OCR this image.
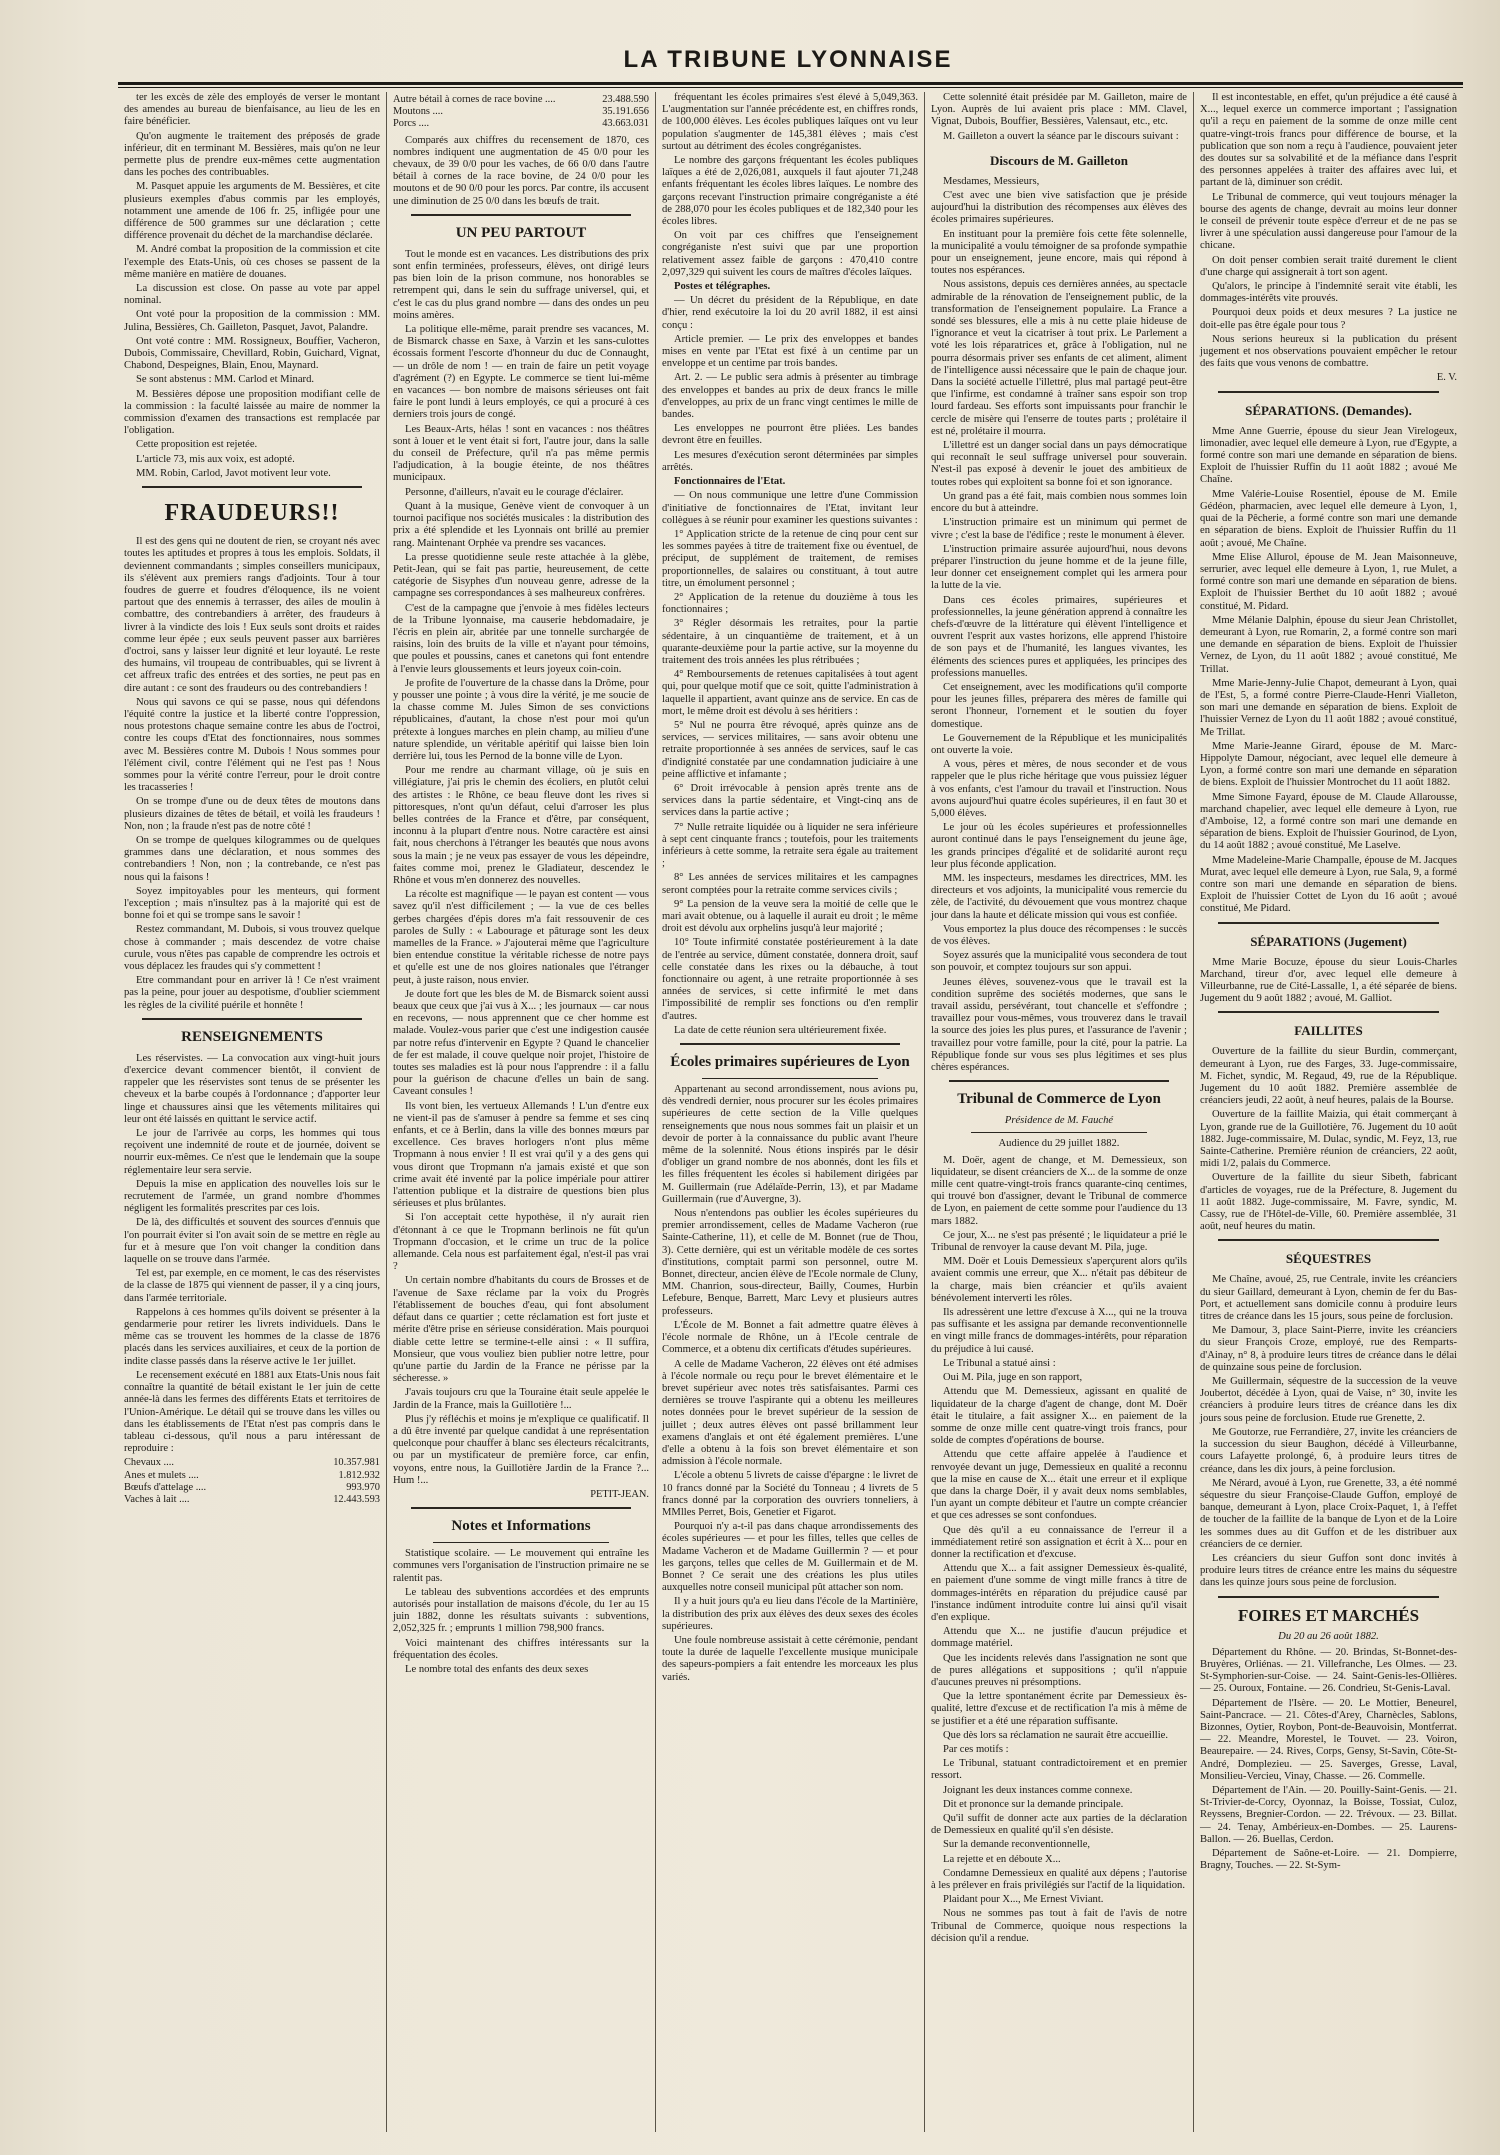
LA TRIBUNE LYONNAISE

ter les excès de zèle des employés de verser le montant des amendes au bureau de bienfaisance, au lieu de les en faire bénéficier.

Qu'on augmente le traitement des préposés de grade inférieur, dit en terminant M. Bessières, mais qu'on ne leur permette plus de prendre eux-mêmes cette augmentation dans les poches des contribuables.

M. Pasquet appuie les arguments de M. Bessières, et cite plusieurs exemples d'abus commis par les employés, notamment une amende de 106 fr. 25, infligée pour une différence de 500 grammes sur une déclaration ; cette différence provenait du déchet de la marchandise déclarée.

M. André combat la proposition de la commission et cite l'exemple des Etats-Unis, où ces choses se passent de la même manière en matière de douanes.

La discussion est close. On passe au vote par appel nominal.

Ont voté pour la proposition de la commission : MM. Julina, Bessières, Ch. Gailleton, Pasquet, Javot, Palandre.

Ont voté contre : MM. Rossigneux, Bouffier, Vacheron, Dubois, Commissaire, Chevillard, Robin, Guichard, Vignat, Chabond, Despeignes, Blain, Enou, Maynard.

Se sont abstenus : MM. Carlod et Minard.

M. Bessières dépose une proposition modifiant celle de la commission : la faculté laissée au maire de nommer la commission d'examen des transactions est remplacée par l'obligation.

Cette proposition est rejetée.

L'article 73, mis aux voix, est adopté.

MM. Robin, Carlod, Javot motivent leur vote.

FRAUDEURS!!

Il est des gens qui ne doutent de rien, se croyant nés avec toutes les aptitudes et propres à tous les emplois. Soldats, il deviennent commandants ; simples conseillers municipaux, ils s'élèvent aux premiers rangs d'adjoints. Tour à tour foudres de guerre et foudres d'éloquence, ils ne voient partout que des ennemis à terrasser, des ailes de moulin à combattre, des contrebandiers à arrêter, des fraudeurs à livrer à la vindicte des lois ! Eux seuls sont droits et raides comme leur épée ; eux seuls peuvent passer aux barrières d'octroi, sans y laisser leur dignité et leur loyauté. Le reste des humains, vil troupeau de contribuables, qui se livrent à cet affreux trafic des entrées et des sorties, ne peut pas en dire autant : ce sont des fraudeurs ou des contrebandiers !

Nous qui savons ce qui se passe, nous qui défendons l'équité contre la justice et la liberté contre l'oppression, nous protestons chaque semaine contre les abus de l'octroi, contre les coups d'Etat des fonctionnaires, nous sommes avec M. Bessières contre M. Dubois ! Nous sommes pour l'élément civil, contre l'élément qui ne l'est pas ! Nous sommes pour la vérité contre l'erreur, pour le droit contre les tracasseries !

On se trompe d'une ou de deux têtes de moutons dans plusieurs dizaines de têtes de bétail, et voilà les fraudeurs ! Non, non ; la fraude n'est pas de notre côté !

On se trompe de quelques kilogrammes ou de quelques grammes dans une déclaration, et nous sommes des contrebandiers ! Non, non ; la contrebande, ce n'est pas nous qui la faisons !

Soyez impitoyables pour les menteurs, qui forment l'exception ; mais n'insultez pas à la majorité qui est de bonne foi et qui se trompe sans le savoir !

Restez commandant, M. Dubois, si vous trouvez quelque chose à commander ; mais descendez de votre chaise curule, vous n'êtes pas capable de comprendre les octrois et vous déplacez les fraudes qui s'y commettent !

Etre commandant pour en arriver là ! Ce n'est vraiment pas la peine, pour jouer au despotisme, d'oublier sciemment les règles de la civilité puérile et honnête !

RENSEIGNEMENTS

Les réservistes. — La convocation aux vingt-huit jours d'exercice devant commencer bientôt, il convient de rappeler que les réservistes sont tenus de se présenter les cheveux et la barbe coupés à l'ordonnance ; d'apporter leur linge et chaussures ainsi que les vêtements militaires qui leur ont été laissés en quittant le service actif.

Le jour de l'arrivée au corps, les hommes qui tous reçoivent une indemnité de route et de journée, doivent se nourrir eux-mêmes. Ce n'est que le lendemain que la soupe réglementaire leur sera servie.

Depuis la mise en application des nouvelles lois sur le recrutement de l'armée, un grand nombre d'hommes négligent les formalités prescrites par ces lois.

De là, des difficultés et souvent des sources d'ennuis que l'on pourrait éviter si l'on avait soin de se mettre en règle au fur et à mesure que l'on voit changer la condition dans laquelle on se trouve dans l'armée.

Tel est, par exemple, en ce moment, le cas des réservistes de la classe de 1875 qui viennent de passer, il y a cinq jours, dans l'armée territoriale.

Rappelons à ces hommes qu'ils doivent se présenter à la gendarmerie pour retirer les livrets individuels. Dans le même cas se trouvent les hommes de la classe de 1876 placés dans les services auxiliaires, et ceux de la portion de indite classe passés dans la réserve active le 1er juillet.

Le recensement exécuté en 1881 aux Etats-Unis nous fait connaître la quantité de bétail existant le 1er juin de cette année-là dans les fermes des différents Etats et territoires de l'Union-Amérique. Le détail qui se trouve dans les villes ou dans les établissements de l'Etat n'est pas compris dans le tableau ci-dessous, qu'il nous a paru intéressant de reproduire :

Chevaux ....	10.357.981
Anes et mulets ....	1.812.932
Bœufs d'attelage ....	993.970
Vaches à lait ....	12.443.593
Autre bétail à cornes de race bovine ....	23.488.590
Moutons ....	35.191.656
Porcs ....	43.663.031

Comparés aux chiffres du recensement de 1870, ces nombres indiquent une augmentation de 45 0/0 pour les chevaux, de 39 0/0 pour les vaches, de 66 0/0 dans l'autre bétail à cornes de la race bovine, de 24 0/0 pour les moutons et de 90 0/0 pour les porcs. Par contre, ils accusent une diminution de 25 0/0 dans les bœufs de trait.

UN PEU PARTOUT

Tout le monde est en vacances. Les distributions des prix sont enfin terminées, professeurs, élèves, ont dirigé leurs pas bien loin de la prison commune, nos honorables se retrempent qui, dans le sein du suffrage universel, qui, et c'est le cas du plus grand nombre — dans des ondes un peu moins amères.

La politique elle-même, parait prendre ses vacances, M. de Bismarck chasse en Saxe, à Varzin et les sans-culottes écossais forment l'escorte d'honneur du duc de Connaught, — un drôle de nom ! — en train de faire un petit voyage d'agrément (?) en Egypte. Le commerce se tient lui-même en vacances — bon nombre de maisons sérieuses ont fait faire le pont lundi à leurs employés, ce qui a procuré à ces derniers trois jours de congé.

Les Beaux-Arts, hélas ! sont en vacances : nos théâtres sont à louer et le vent était si fort, l'autre jour, dans la salle du conseil de Préfecture, qu'il n'a pas même permis l'adjudication, à la bougie éteinte, de nos théâtres municipaux.

Personne, d'ailleurs, n'avait eu le courage d'éclairer.

Quant à la musique, Genève vient de convoquer à un tournoi pacifique nos sociétés musicales : la distribution des prix a été splendide et les Lyonnais ont brillé au premier rang. Maintenant Orphée va prendre ses vacances.

La presse quotidienne seule reste attachée à la glèbe, Petit-Jean, qui se fait pas partie, heureusement, de cette catégorie de Sisyphes d'un nouveau genre, adresse de la campagne ses correspondances à ses malheureux confrères.

C'est de la campagne que j'envoie à mes fidèles lecteurs de la Tribune lyonnaise, ma causerie hebdomadaire, je l'écris en plein air, abritée par une tonnelle surchargée de raisins, loin des bruits de la ville et n'ayant pour témoins, que poules et poussins, canes et canetons qui font entendre à l'envie leurs gloussements et leurs joyeux coin-coin.

Je profite de l'ouverture de la chasse dans la Drôme, pour y pousser une pointe ; à vous dire la vérité, je me soucie de la chasse comme M. Jules Simon de ses convictions républicaines, d'autant, la chose n'est pour moi qu'un prétexte à longues marches en plein champ, au milieu d'une nature splendide, un véritable apéritif qui laisse bien loin derrière lui, tous les Pernod de la bonne ville de Lyon.

Pour me rendre au charmant village, où je suis en villégiature, j'ai pris le chemin des écoliers, en plutôt celui des artistes : le Rhône, ce beau fleuve dont les rives si pittoresques, n'ont qu'un défaut, celui d'arroser les plus belles contrées de la France et d'être, par conséquent, inconnu à la plupart d'entre nous. Notre caractère est ainsi fait, nous cherchons à l'étranger les beautés que nous avons sous la main ; je ne veux pas essayer de vous les dépeindre, faites comme moi, prenez le Gladiateur, descendez le Rhône et vous m'en donnerez des nouvelles.

La récolte est magnifique — le payan est content — vous savez qu'il n'est difficilement ; — la vue de ces belles gerbes chargées d'épis dores m'a fait ressouvenir de ces paroles de Sully : « Labourage et pâturage sont les deux mamelles de la France. » J'ajouterai même que l'agriculture bien entendue constitue la véritable richesse de notre pays et qu'elle est une de nos gloires nationales que l'étranger peut, à juste raison, nous envier.

Je doute fort que les bles de M. de Bismarck soient aussi beaux que ceux que j'ai vus à X... ; les journaux — car nous en recevons, — nous apprennent que ce cher homme est malade. Voulez-vous parier que c'est une indigestion causée par notre refus d'intervenir en Egypte ? Quand le chancelier de fer est malade, il couve quelque noir projet, l'histoire de toutes ses maladies est là pour nous l'apprendre : il a fallu pour la guérison de chacune d'elles un bain de sang. Caveant consules !

Ils vont bien, les vertueux Allemands ! L'un d'entre eux ne vient-il pas de s'amuser à pendre sa femme et ses cinq enfants, et ce à Berlin, dans la ville des bonnes mœurs par excellence. Ces braves horlogers n'ont plus même Tropmann à nous envier ! Il est vrai qu'il y a des gens qui vous diront que Tropmann n'a jamais existé et que son crime avait été inventé par la police impériale pour attirer l'attention publique et la distraire de questions bien plus sérieuses et plus brûlantes.

Si l'on acceptait cette hypothèse, il n'y aurait rien d'étonnant à ce que le Tropmann berlinois ne fût qu'un Tropmann d'occasion, et le crime un truc de la police allemande. Cela nous est parfaitement égal, n'est-il pas vrai ?

Un certain nombre d'habitants du cours de Brosses et de l'avenue de Saxe réclame par la voix du Progrès l'établissement de bouches d'eau, qui font absolument défaut dans ce quartier ; cette réclamation est fort juste et mérite d'être prise en sérieuse considération. Mais pourquoi diable cette lettre se termine-t-elle ainsi : « Il suffira, Monsieur, que vous vouliez bien publier notre lettre, pour qu'une partie du Jardin de la France ne périsse par la sécheresse. »

J'avais toujours cru que la Touraine était seule appelée le Jardin de la France, mais la Guillotière !...

Plus j'y réfléchis et moins je m'explique ce qualificatif. Il a dû être inventé par quelque candidat à une représentation quelconque pour chauffer à blanc ses électeurs récalcitrants, ou par un mystificateur de première force, car enfin, voyons, entre nous, la Guillotière Jardin de la France ?... Hum !...

PETIT-JEAN.
Notes et Informations

Statistique scolaire. — Le mouvement qui entraîne les communes vers l'organisation de l'instruction primaire ne se ralentit pas.

Le tableau des subventions accordées et des emprunts autorisés pour installation de maisons d'école, du 1er au 15 juin 1882, donne les résultats suivants : subventions, 2,052,325 fr. ; emprunts 1 million 798,900 francs.

Voici maintenant des chiffres intéressants sur la fréquentation des écoles.

Le nombre total des enfants des deux sexes

fréquentant les écoles primaires s'est élevé à 5,049,363. L'augmentation sur l'année précédente est, en chiffres ronds, de 100,000 élèves. Les écoles publiques laïques ont vu leur population s'augmenter de 145,381 élèves ; mais c'est surtout au détriment des écoles congréganistes.

Le nombre des garçons fréquentant les écoles publiques laïques a été de 2,026,081, auxquels il faut ajouter 71,248 enfants fréquentant les écoles libres laïques. Le nombre des garçons recevant l'instruction primaire congréganiste a été de 288,070 pour les écoles publiques et de 182,340 pour les écoles libres.

On voit par ces chiffres que l'enseignement congréganiste n'est suivi que par une proportion relativement assez faible de garçons : 470,410 contre 2,097,329 qui suivent les cours de maîtres d'écoles laïques.

Postes et télégraphes.

— Un décret du président de la République, en date d'hier, rend exécutoire la loi du 20 avril 1882, il est ainsi conçu :

Article premier. — Le prix des enveloppes et bandes mises en vente par l'Etat est fixé à un centime par un enveloppe et un centime par trois bandes.

Art. 2. — Le public sera admis à présenter au timbrage des enveloppes et bandes au prix de deux francs le mille d'enveloppes, au prix de un franc vingt centimes le mille de bandes.

Les enveloppes ne pourront être pliées. Les bandes devront être en feuilles.

Les mesures d'exécution seront déterminées par simples arrêtés.

Fonctionnaires de l'Etat.

— On nous communique une lettre d'une Commission d'initiative de fonctionnaires de l'Etat, invitant leur collègues à se réunir pour examiner les questions suivantes :

1° Application stricte de la retenue de cinq pour cent sur les sommes payées à titre de traitement fixe ou éventuel, de préciput, de supplément de traitement, de remises proportionnelles, de salaires ou constituant, à tout autre titre, un émolument personnel ;

2° Application de la retenue du douzième à tous les fonctionnaires ;

3° Régler désormais les retraites, pour la partie sédentaire, à un cinquantième de traitement, et à un quarante-deuxième pour la partie active, sur la moyenne du traitement des trois années les plus rétribuées ;

4° Remboursements de retenues capitalisées à tout agent qui, pour quelque motif que ce soit, quitte l'administration à laquelle il appartient, avant quinze ans de service. En cas de mort, le même droit est dévolu à ses héritiers :

5° Nul ne pourra être révoqué, après quinze ans de services, — services militaires, — sans avoir obtenu une retraite proportionnée à ses années de services, sauf le cas d'indignité constatée par une condamnation judiciaire à une peine afflictive et infamante ;

6° Droit irrévocable à pension après trente ans de services dans la partie sédentaire, et Vingt-cinq ans de services dans la partie active ;

7° Nulle retraite liquidée ou à liquider ne sera inférieure à sept cent cinquante francs ; toutefois, pour les traitements inférieurs à cette somme, la retraite sera égale au traitement ;

8° Les années de services militaires et les campagnes seront comptées pour la retraite comme services civils ;

9° La pension de la veuve sera la moitié de celle que le mari avait obtenue, ou à laquelle il aurait eu droit ; le même droit est dévolu aux orphelins jusqu'à leur majorité ;

10° Toute infirmité constatée postérieurement à la date de l'entrée au service, dûment constatée, donnera droit, sauf celle constatée dans les rixes ou la débauche, à tout fonctionnaire ou agent, à une retraite proportionnée à ses années de services, si cette infirmité le met dans l'impossibilité de remplir ses fonctions ou d'en remplir d'autres.

La date de cette réunion sera ultérieurement fixée.

Écoles primaires supérieures de Lyon

Appartenant au second arrondissement, nous avions pu, dès vendredi dernier, nous procurer sur les écoles primaires supérieures de cette section de la Ville quelques renseignements que nous nous sommes fait un plaisir et un devoir de porter à la connaissance du public avant l'heure même de la solennité. Nous étions inspirés par le désir d'obliger un grand nombre de nos abonnés, dont les fils et les filles fréquentent les écoles si habilement dirigées par M. Guillermain (rue Adélaïde-Perrin, 13), et par Madame Guillermain (rue d'Auvergne, 3).

Nous n'entendons pas oublier les écoles supérieures du premier arrondissement, celles de Madame Vacheron (rue Sainte-Catherine, 11), et celle de M. Bonnet (rue de Thou, 3). Cette dernière, qui est un véritable modèle de ces sortes d'institutions, comptait parmi son personnel, outre M. Bonnet, directeur, ancien élève de l'Ecole normale de Cluny, MM. Chanrion, sous-directeur, Bailly, Coumes, Hurbin Lefebure, Benque, Barrett, Marc Levy et plusieurs autres professeurs.

L'École de M. Bonnet a fait admettre quatre élèves à l'école normale de Rhône, un à l'Ecole centrale de Commerce, et a obtenu dix certificats d'études supérieures.

A celle de Madame Vacheron, 22 élèves ont été admises à l'école normale ou reçu pour le brevet élémentaire et le brevet supérieur avec notes très satisfaisantes. Parmi ces dernières se trouve l'aspirante qui a obtenu les meilleures notes données pour le brevet supérieur de la session de juillet ; deux autres élèves ont passé brillamment leur examens d'anglais et ont été également premières. L'une d'elle a obtenu à la fois son brevet élémentaire et son admission à l'école normale.

L'école a obtenu 5 livrets de caisse d'épargne : le livret de 10 francs donné par la Société du Tonneau ; 4 livrets de 5 francs donné par la corporation des ouvriers tonneliers, à MMlles Perret, Bois, Genetier et Figarot.

Pourquoi n'y a-t-il pas dans chaque arrondissements des écoles supérieures — et pour les filles, telles que celles de Madame Vacheron et de Madame Guillermin ? — et pour les garçons, telles que celles de M. Guillermain et de M. Bonnet ? Ce serait une des créations les plus utiles auxquelles notre conseil municipal pût attacher son nom.

Il y a huit jours qu'a eu lieu dans l'école de la Martinière, la distribution des prix aux élèves des deux sexes des écoles supérieures.

Une foule nombreuse assistait à cette cérémonie, pendant toute la durée de laquelle l'excellente musique municipale des sapeurs-pompiers a fait entendre les morceaux les plus variés.

Cette solennité était présidée par M. Gailleton, maire de Lyon. Auprès de lui avaient pris place : MM. Clavel, Vignat, Dubois, Bouffier, Bessières, Valensaut, etc., etc.

M. Gailleton a ouvert la séance par le discours suivant :

Discours de M. Gailleton

Mesdames, Messieurs,

C'est avec une bien vive satisfaction que je préside aujourd'hui la distribution des récompenses aux élèves des écoles primaires supérieures.

En instituant pour la première fois cette fête solennelle, la municipalité a voulu témoigner de sa profonde sympathie pour un enseignement, jeune encore, mais qui répond à toutes nos espérances.

Nous assistons, depuis ces dernières années, au spectacle admirable de la rénovation de l'enseignement public, de la transformation de l'enseignement populaire. La France a sondé ses blessures, elle a mis à nu cette plaie hideuse de l'ignorance et veut la cicatriser à tout prix. Le Parlement a voté les lois réparatrices et, grâce à l'obligation, nul ne pourra désormais priver ses enfants de cet aliment, aliment de l'intelligence aussi nécessaire que le pain de chaque jour. Dans la société actuelle l'illettré, plus mal partagé peut-être que l'infirme, est condamné à traîner sans espoir son trop lourd fardeau. Ses efforts sont impuissants pour franchir le cercle de misère qui l'enserre de toutes parts ; prolétaire il est né, prolétaire il mourra.

L'illettré est un danger social dans un pays démocratique qui reconnaît le seul suffrage universel pour souverain. N'est-il pas exposé à devenir le jouet des ambitieux de toutes robes qui exploitent sa bonne foi et son ignorance.

Un grand pas a été fait, mais combien nous sommes loin encore du but à atteindre.

L'instruction primaire est un minimum qui permet de vivre ; c'est la base de l'édifice ; reste le monument à élever.

L'instruction primaire assurée aujourd'hui, nous devons préparer l'instruction du jeune homme et de la jeune fille, leur donner cet enseignement complet qui les armera pour la lutte de la vie.

Dans ces écoles primaires, supérieures et professionnelles, la jeune génération apprend à connaître les chefs-d'œuvre de la littérature qui élèvent l'intelligence et ouvrent l'esprit aux vastes horizons, elle apprend l'histoire de son pays et de l'humanité, les langues vivantes, les éléments des sciences pures et appliquées, les principes des professions manuelles.

Cet enseignement, avec les modifications qu'il comporte pour les jeunes filles, préparera des mères de famille qui seront l'honneur, l'ornement et le soutien du foyer domestique.

Le Gouvernement de la République et les municipalités ont ouverte la voie.

A vous, pères et mères, de nous seconder et de vous rappeler que le plus riche héritage que vous puissiez léguer à vos enfants, c'est l'amour du travail et l'instruction. Nous avons aujourd'hui quatre écoles supérieures, il en faut 30 et 5,000 élèves.

Le jour où les écoles supérieures et professionnelles auront continué dans le pays l'enseignement du jeune âge, les grands principes d'égalité et de solidarité auront reçu leur plus féconde application.

MM. les inspecteurs, mesdames les directrices, MM. les directeurs et vos adjoints, la municipalité vous remercie du zèle, de l'activité, du dévouement que vous montrez chaque jour dans la haute et délicate mission qui vous est confiée.

Vous emportez la plus douce des récompenses : le succès de vos élèves.

Soyez assurés que la municipalité vous secondera de tout son pouvoir, et comptez toujours sur son appui.

Jeunes élèves, souvenez-vous que le travail est la condition suprême des sociétés modernes, que sans le travail assidu, persévérant, tout chancelle et s'effondre ; travaillez pour vous-mêmes, vous trouverez dans le travail la source des joies les plus pures, et l'assurance de l'avenir ; travaillez pour votre famille, pour la cité, pour la patrie. La République fonde sur vous ses plus légitimes et ses plus chères espérances.

Tribunal de Commerce de Lyon
Présidence de M. Fauché
Audience du 29 juillet 1882.

M. Doër, agent de change, et M. Demessieux, son liquidateur, se disent créanciers de X... de la somme de onze mille cent quatre-vingt-trois francs quarante-cinq centimes, qui trouvé bon d'assigner, devant le Tribunal de commerce de Lyon, en paiement de cette somme pour l'audience du 13 mars 1882.

Ce jour, X... ne s'est pas présenté ; le liquidateur a prié le Tribunal de renvoyer la cause devant M. Pila, juge.

MM. Doër et Louis Demessieux s'aperçurent alors qu'ils avaient commis une erreur, que X... n'était pas débiteur de la charge, mais bien créancier et qu'ils avaient bénévolement interverti les rôles.

Ils adressèrent une lettre d'excuse à X..., qui ne la trouva pas suffisante et les assigna par demande reconventionnelle en vingt mille francs de dommages-intérêts, pour réparation du préjudice à lui causé.

Le Tribunal a statué ainsi :

Oui M. Pila, juge en son rapport,

Attendu que M. Demessieux, agissant en qualité de liquidateur de la charge d'agent de change, dont M. Doër était le titulaire, a fait assigner X... en paiement de la somme de onze mille cent quatre-vingt trois francs, pour solde de comptes d'opérations de bourse.

Attendu que cette affaire appelée à l'audience et renvoyée devant un juge, Demessieux en qualité a reconnu que la mise en cause de X... était une erreur et il explique que dans la charge Doër, il y avait deux noms semblables, l'un ayant un compte débiteur et l'autre un compte créancier et que ces adresses se sont confondues.

Que dès qu'il a eu connaissance de l'erreur il a immédiatement retiré son assignation et écrit à X... pour en donner la rectification et d'excuse.

Attendu que X... a fait assigner Demessieux ès-qualité, en paiement d'une somme de vingt mille francs à titre de dommages-intérêts en réparation du préjudice causé par l'instance indûment introduite contre lui ainsi qu'il visait d'en explique.

Attendu que X... ne justifie d'aucun préjudice et dommage matériel.

Que les incidents relevés dans l'assignation ne sont que de pures allégations et suppositions ; qu'il n'appuie d'aucunes preuves ni présomptions.

Que la lettre spontanément écrite par Demessieux ès-qualité, lettre d'excuse et de rectification l'a mis à même de se justifier et a été une réparation suffisante.

Que dès lors sa réclamation ne saurait être accueillie.

Par ces motifs :

Le Tribunal, statuant contradictoirement et en premier ressort.

Joignant les deux instances comme connexe.

Dit et prononce sur la demande principale.

Qu'il suffit de donner acte aux parties de la déclaration de Demessieux en qualité qu'il s'en désiste.

Sur la demande reconventionnelle,

La rejette et en déboute X...

Condamne Demessieux en qualité aux dépens ; l'autorise à les prélever en frais privilégiés sur l'actif de la liquidation.

Plaidant pour X..., Me Ernest Viviant.

Nous ne sommes pas tout à fait de l'avis de notre Tribunal de Commerce, quoique nous respections la décision qu'il a rendue.

Il est incontestable, en effet, qu'un préjudice a été causé à X..., lequel exerce un commerce important ; l'assignation qu'il a reçu en paiement de la somme de onze mille cent quatre-vingt-trois francs pour différence de bourse, et la publication que son nom a reçu à l'audience, pouvaient jeter des doutes sur sa solvabilité et de la méfiance dans l'esprit des personnes appelées à traiter des affaires avec lui, et partant de là, diminuer son crédit.

Le Tribunal de commerce, qui veut toujours ménager la bourse des agents de change, devrait au moins leur donner le conseil de prévenir toute espèce d'erreur et de ne pas se livrer à une spéculation aussi dangereuse pour l'amour de la chicane.

On doit penser combien serait traité durement le client d'une charge qui assignerait à tort son agent.

Qu'alors, le principe à l'indemnité serait vite établi, les dommages-intérêts vite prouvés.

Pourquoi deux poids et deux mesures ? La justice ne doit-elle pas être égale pour tous ?

Nous serions heureux si la publication du présent jugement et nos observations pouvaient empêcher le retour des faits que vous venons de combattre.

E. V.
SÉPARATIONS. (Demandes).

Mme Anne Guerrie, épouse du sieur Jean Virelogeux, limonadier, avec lequel elle demeure à Lyon, rue d'Egypte, a formé contre son mari une demande en séparation de biens. Exploit de l'huissier Ruffin du 11 août 1882 ; avoué Me Chaîne.

Mme Valérie-Louise Rosentiel, épouse de M. Emile Gédéon, pharmacien, avec lequel elle demeure à Lyon, 1, quai de la Pêcherie, a formé contre son mari une demande en séparation de biens. Exploit de l'huissier Ruffin du 11 août ; avoué, Me Chaîne.

Mme Elise Allurol, épouse de M. Jean Maisonneuve, serrurier, avec lequel elle demeure à Lyon, 1, rue Mulet, a formé contre son mari une demande en séparation de biens. Exploit de l'huissier Berthet du 10 août 1882 ; avoué constitué, M. Pidard.

Mme Mélanie Dalphin, épouse du sieur Jean Christollet, demeurant à Lyon, rue Romarin, 2, a formé contre son mari une demande en séparation de biens. Exploit de l'huissier Vernez, de Lyon, du 11 août 1882 ; avoué constitué, Me Trillat.

Mme Marie-Jenny-Julie Chapot, demeurant à Lyon, quai de l'Est, 5, a formé contre Pierre-Claude-Henri Vialleton, son mari une demande en séparation de biens. Exploit de l'huissier Vernez de Lyon du 11 août 1882 ; avoué constitué, Me Trillat.

Mme Marie-Jeanne Girard, épouse de M. Marc-Hippolyte Damour, négociant, avec lequel elle demeure à Lyon, a formé contre son mari une demande en séparation de biens. Exploit de l'huissier Montrochet du 11 août 1882.

Mme Simone Fayard, épouse de M. Claude Allarousse, marchand chapelier, avec lequel elle demeure à Lyon, rue d'Amboise, 12, a formé contre son mari une demande en séparation de biens. Exploit de l'huissier Gourinod, de Lyon, du 14 août 1882 ; avoué constitué, Me Laselve.

Mme Madeleine-Marie Champalle, épouse de M. Jacques Murat, avec lequel elle demeure à Lyon, rue Sala, 9, a formé contre son mari une demande en séparation de biens. Exploit de l'huissier Cottet de Lyon du 16 août ; avoué constitué, Me Pidard.

SÉPARATIONS (Jugement)

Mme Marie Bocuze, épouse du sieur Louis-Charles Marchand, tireur d'or, avec lequel elle demeure à Villeurbanne, rue de Cité-Lassalle, 1, a été séparée de biens. Jugement du 9 août 1882 ; avoué, M. Galliot.

FAILLITES

Ouverture de la faillite du sieur Burdin, commerçant, demeurant à Lyon, rue des Farges, 33. Juge-commissaire, M. Fichet, syndic, M. Regaud, 49, rue de la République. Jugement du 10 août 1882. Première assemblée de créanciers jeudi, 22 août, à neuf heures, palais de la Bourse.

Ouverture de la faillite Maizia, qui était commerçant à Lyon, grande rue de la Guillotière, 76. Jugement du 10 août 1882. Juge-commissaire, M. Dulac, syndic, M. Feyz, 13, rue Sainte-Catherine. Première réunion de créanciers, 22 août, midi 1/2, palais du Commerce.

Ouverture de la faillite du sieur Sibeth, fabricant d'articles de voyages, rue de la Préfecture, 8. Jugement du 11 août 1882. Juge-commissaire, M. Favre, syndic, M. Cassy, rue de l'Hôtel-de-Ville, 60. Première assemblée, 31 août, neuf heures du matin.

SÉQUESTRES

Me Chaîne, avoué, 25, rue Centrale, invite les créanciers du sieur Gaillard, demeurant à Lyon, chemin de fer du Bas-Port, et actuellement sans domicile connu à produire leurs titres de créance dans les 15 jours, sous peine de forclusion.

Me Damour, 3, place Saint-Pierre, invite les créanciers du sieur François Croze, employé, rue des Remparts-d'Ainay, n° 8, à produire leurs titres de créance dans le délai de quinzaine sous peine de forclusion.

Me Guillermain, séquestre de la succession de la veuve Joubertot, décédée à Lyon, quai de Vaise, n° 30, invite les créanciers à produire leurs titres de créance dans les dix jours sous peine de forclusion. Etude rue Grenette, 2.

Me Goutorze, rue Ferrandière, 27, invite les créanciers de la succession du sieur Baughon, décédé à Villeurbanne, cours Lafayette prolongé, 6, à produire leurs titres de créance, dans les dix jours, à peine forclusion.

Me Nérard, avoué à Lyon, rue Grenette, 33, a été nommé séquestre du sieur Françoise-Claude Guffon, employé de banque, demeurant à Lyon, place Croix-Paquet, 1, à l'effet de toucher de la faillite de la banque de Lyon et de la Loire les sommes dues au dit Guffon et de les distribuer aux créanciers de ce dernier.

Les créanciers du sieur Guffon sont donc invités à produire leurs titres de créance entre les mains du séquestre dans les quinze jours sous peine de forclusion.

FOIRES ET MARCHÉS
Du 20 au 26 août 1882.

Département du Rhône. — 20. Brindas, St-Bonnet-des-Bruyères, Orliénas. — 21. Villefranche, Les Olmes. — 23. St-Symphorien-sur-Coise. — 24. Saint-Genis-les-Ollières. — 25. Ouroux, Fontaine. — 26. Condrieu, St-Genis-Laval.

Département de l'Isère. — 20. Le Mottier, Beneurel, Saint-Pancrace. — 21. Côtes-d'Arey, Charnècles, Sablons, Bizonnes, Oytier, Roybon, Pont-de-Beauvoisin, Montferrat. — 22. Meandre, Morestel, le Touvet. — 23. Voiron, Beaurepaire. — 24. Rives, Corps, Gensy, St-Savin, Côte-St-André, Domplezieu. — 25. Saverges, Gresse, Laval, Monsilieu-Vercieu, Vinay, Chasse. — 26. Commelle.

Département de l'Ain. — 20. Pouilly-Saint-Genis. — 21. St-Trivier-de-Corcy, Oyonnaz, la Boisse, Tossiat, Culoz, Reyssens, Bregnier-Cordon. — 22. Trévoux. — 23. Billat. — 24. Tenay, Ambérieux-en-Dombes. — 25. Laurens-Ballon. — 26. Buellas, Cerdon.

Département de Saône-et-Loire. — 21. Dompierre, Bragny, Touches. — 22. St-Sym-
